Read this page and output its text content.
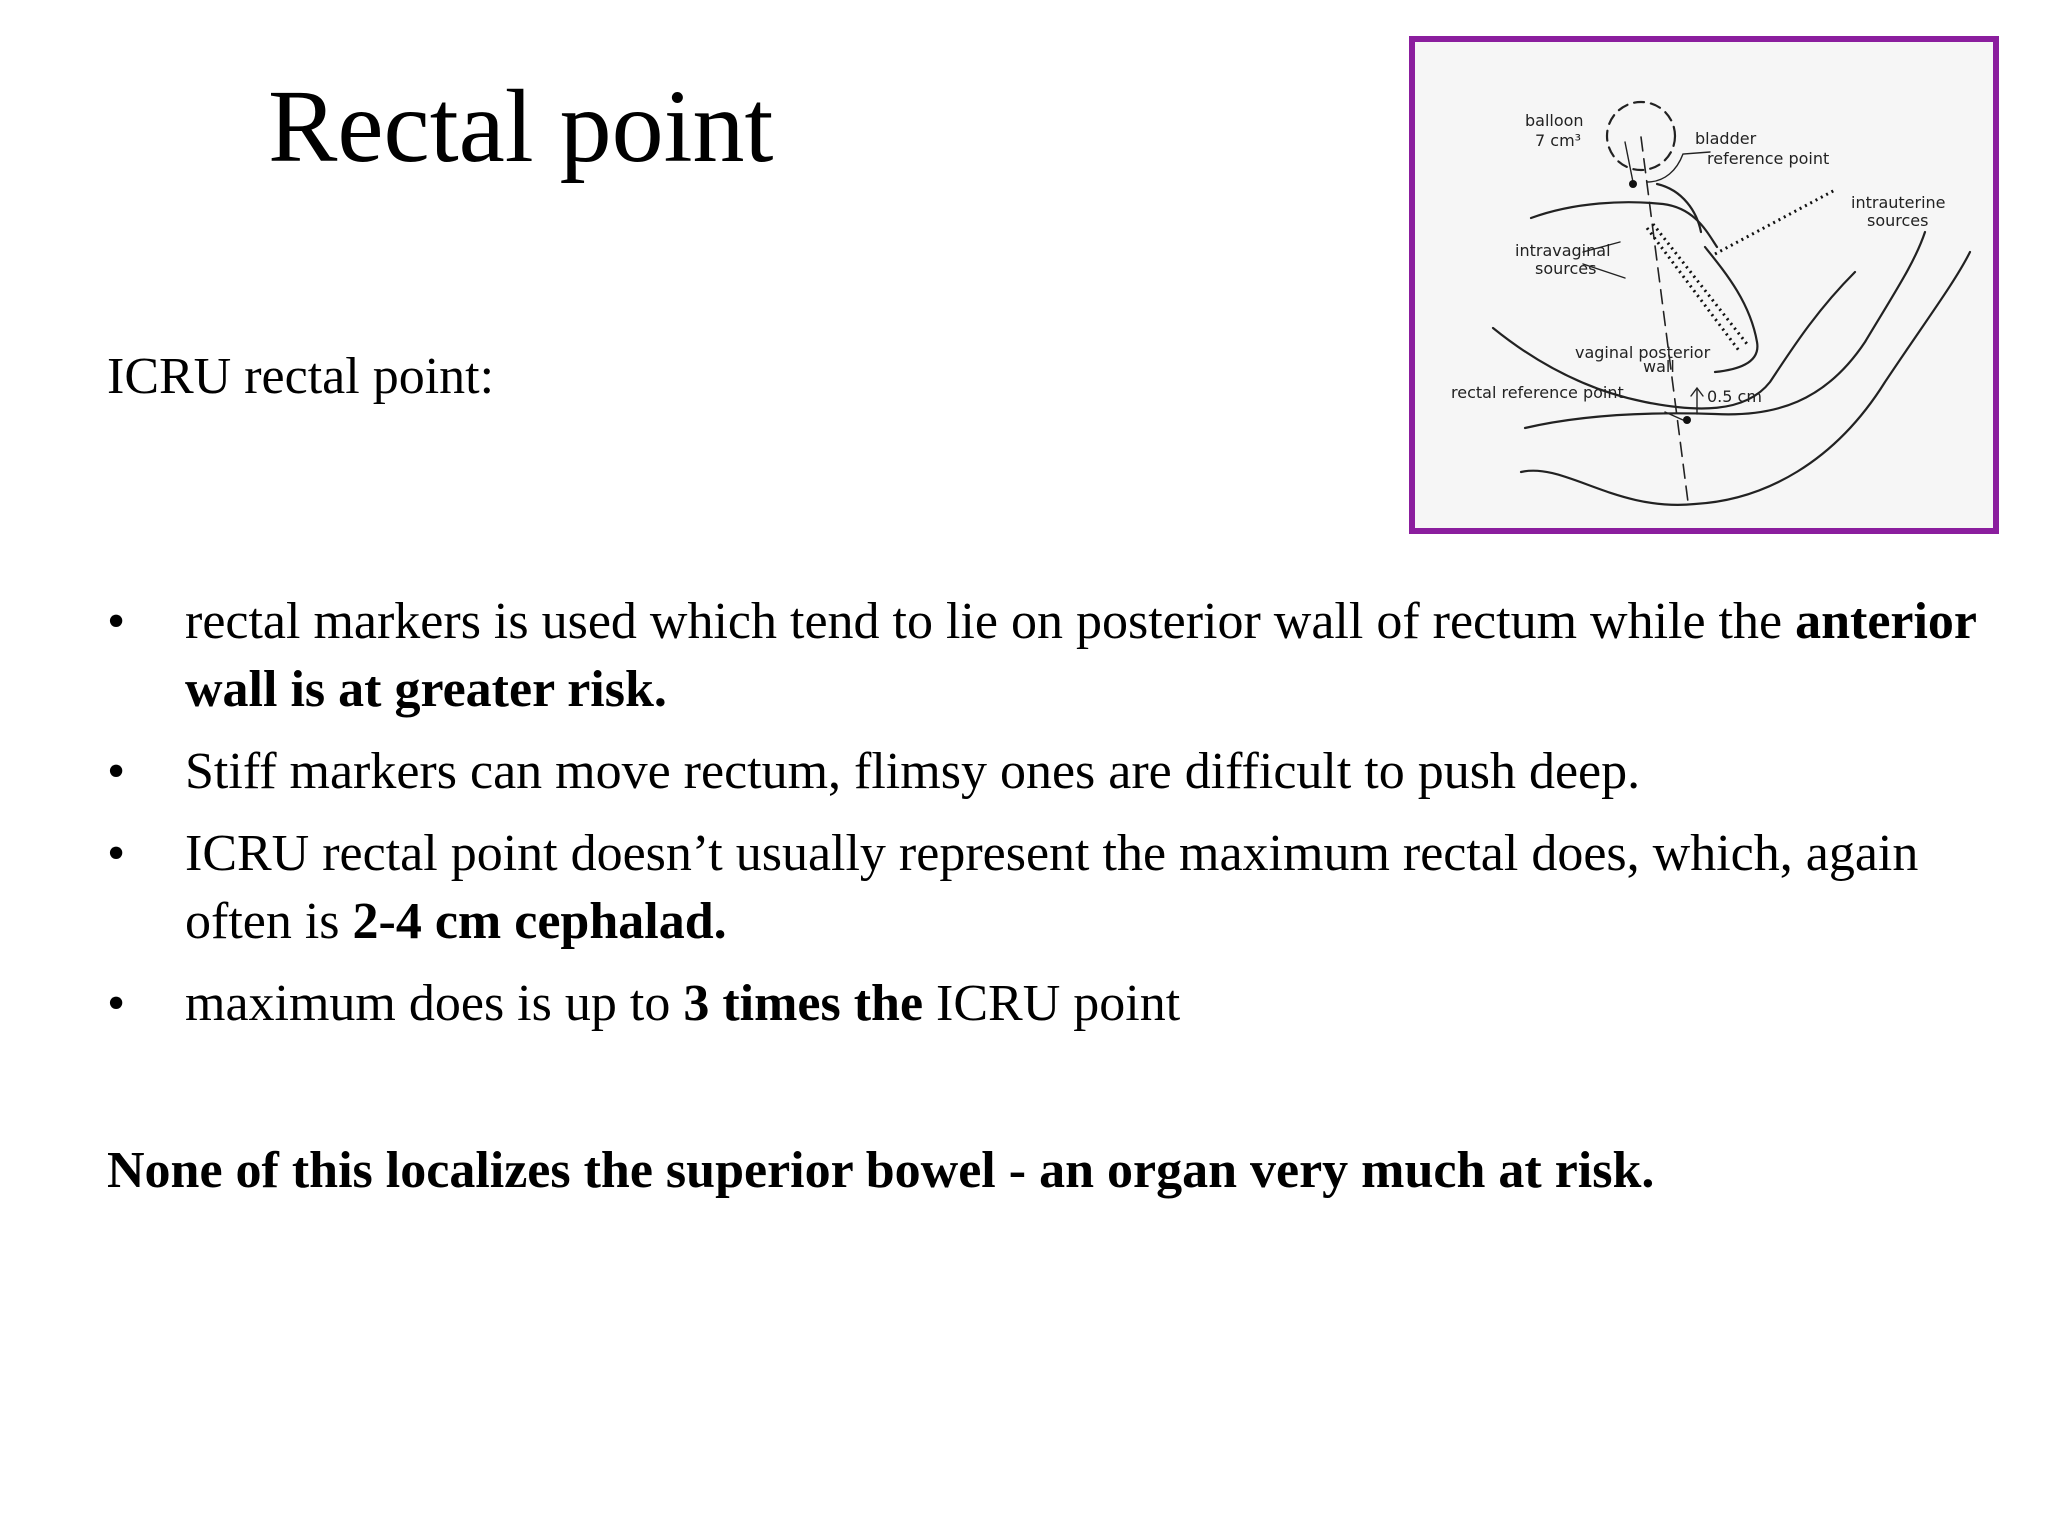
Rectal point

ICRU rectal point:

balloon
7 cm³	bladder
reference point
intrauterine
sources
intravaginal
sources
vaginal posterior
wall
rectal reference point	0.5 cm
• rectal markers is used which tend to lie on posterior wall of rectum while the anterior wall is at greater risk.
• Stiff markers can move rectum, flimsy ones are difficult to push deep.
• ICRU rectal point doesn’t usually represent the maximum rectal does, which, again often is 2-4 cm cephalad.
• maximum does is up to 3 times the ICRU point

None of this localizes the superior bowel - an organ very much at risk.
